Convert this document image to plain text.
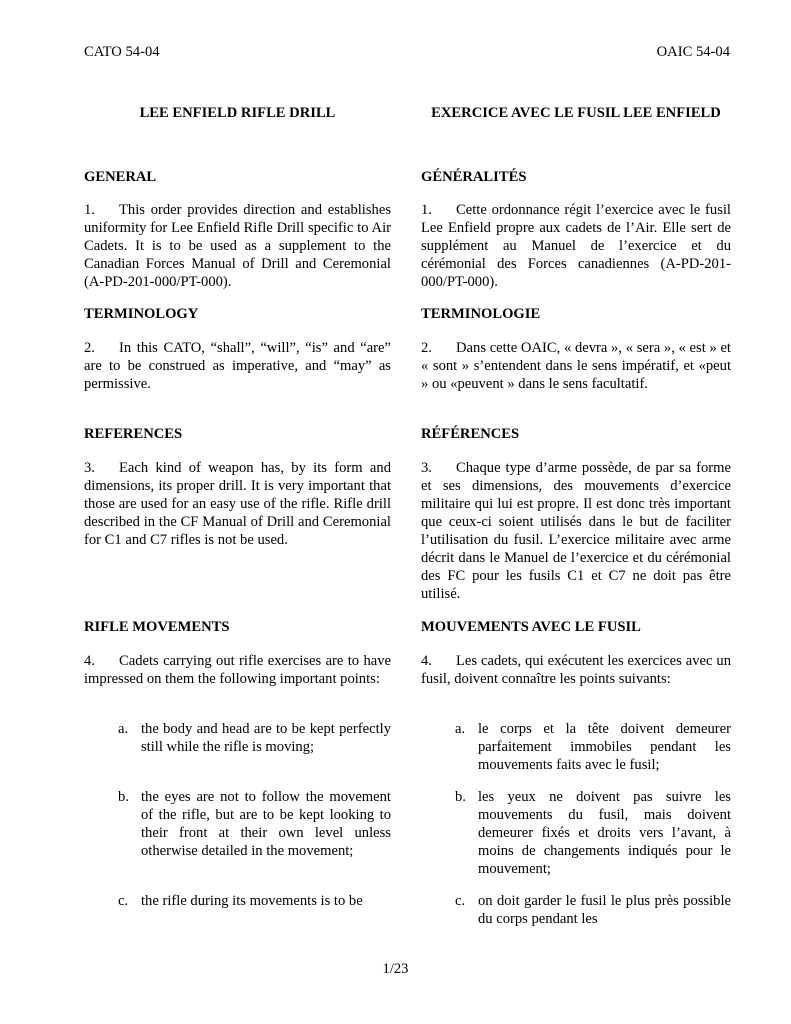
CATO 54-04	OAIC 54-04

LEE ENFIELD RIFLE DRILL

GENERAL

1. This order provides direction and establishes uniformity for Lee Enfield Rifle Drill specific to Air Cadets. It is to be used as a supplement to the Canadian Forces Manual of Drill and Ceremonial (A-PD-201-000/PT-000).

TERMINOLOGY

2. In this CATO, “shall”, “will”, “is” and “are” are to be construed as imperative, and “may” as permissive.

REFERENCES

3. Each kind of weapon has, by its form and dimensions, its proper drill. It is very important that those are used for an easy use of the rifle. Rifle drill described in the CF Manual of Drill and Ceremonial for C1 and C7 rifles is not be used.

RIFLE MOVEMENTS

4. Cadets carrying out rifle exercises are to have impressed on them the following important points:

a. the body and head are to be kept perfectly still while the rifle is moving;

b. the eyes are not to follow the movement of the rifle, but are to be kept looking to their front at their own level unless otherwise detailed in the movement;

c. the rifle during its movements is to be

EXERCICE AVEC LE FUSIL LEE ENFIELD

GÉNÉRALITÉS

1. Cette ordonnance régit l’exercice avec le fusil Lee Enfield propre aux cadets de l’Air. Elle sert de supplément au Manuel de l’exercice et du cérémonial des Forces canadiennes (A-PD-201-000/PT-000).

TERMINOLOGIE

2. Dans cette OAIC, « devra », « sera », « est » et « sont » s’entendent dans le sens impératif, et «peut » ou «peuvent » dans le sens facultatif.

RÉFÉRENCES

3. Chaque type d’arme possède, de par sa forme et ses dimensions, des mouvements d’exercice militaire qui lui est propre. Il est donc très important que ceux-ci soient utilisés dans le but de faciliter l’utilisation du fusil. L’exercice militaire avec arme décrit dans le Manuel de l’exercice et du cérémonial des FC pour les fusils C1 et C7 ne doit pas être utilisé.

MOUVEMENTS AVEC LE FUSIL

4. Les cadets, qui exécutent les exercices avec un fusil, doivent connaître les points suivants:

a. le corps et la tête doivent demeurer parfaitement immobiles pendant les mouvements faits avec le fusil;

b. les yeux ne doivent pas suivre les mouvements du fusil, mais doivent demeurer fixés et droits vers l’avant, à moins de changements indiqués pour le mouvement;

c. on doit garder le fusil le plus près possible du corps pendant les

1/23
